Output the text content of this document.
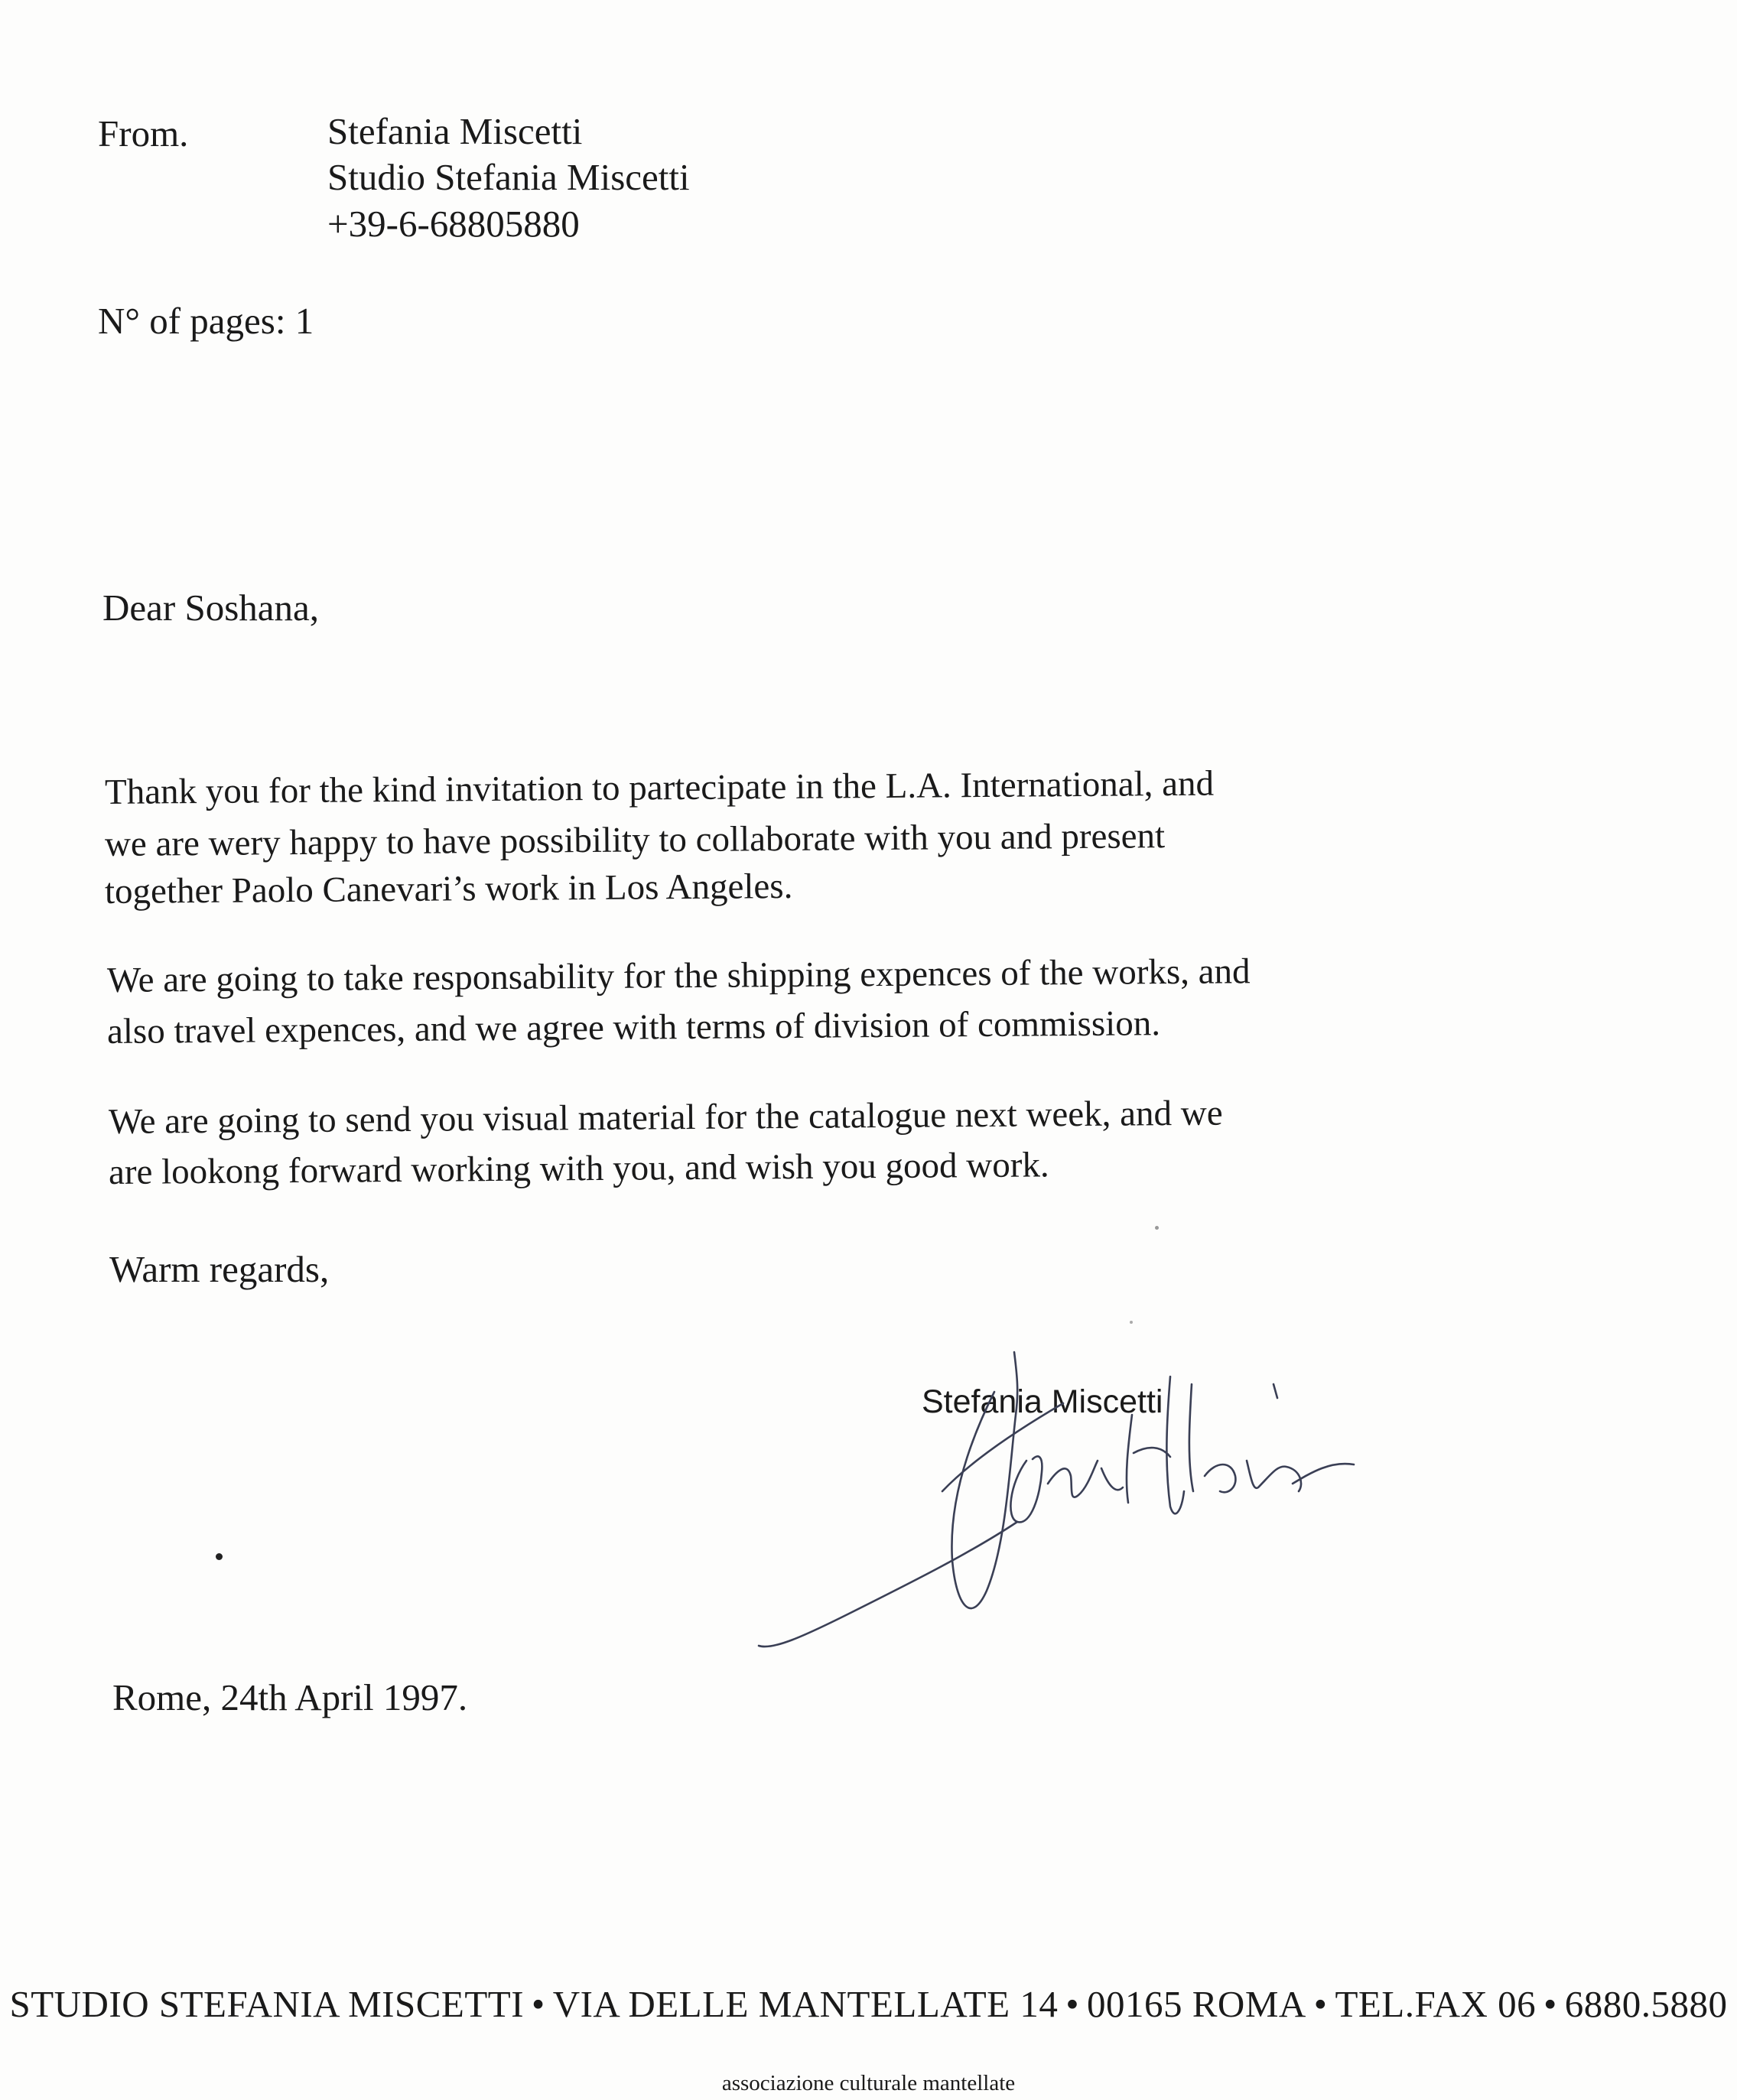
From.	Stefania Miscetti
Studio Stefania Miscetti
+39-6-68805880
N° of pages: 1
Dear Soshana,
Thank you for the kind invitation to partecipate in the L.A. International, and
we are wery happy to have possibility to collaborate with you and present
together Paolo Canevari’s work in Los Angeles.
We are going to take responsability for the shipping expences of the works, and
also travel expences, and we agree with terms of division of commission.
We are going to send you visual material for the catalogue next week, and we
are lookong forward working with you, and wish you good work.
Warm regards,
Stefania Miscetti
Rome, 24th April 1997.
STUDIO STEFANIA MISCETTI • VIA DELLE MANTELLATE 14 • 00165 ROMA • TEL.FAX 06 • 6880.5880
associazione culturale mantellate
